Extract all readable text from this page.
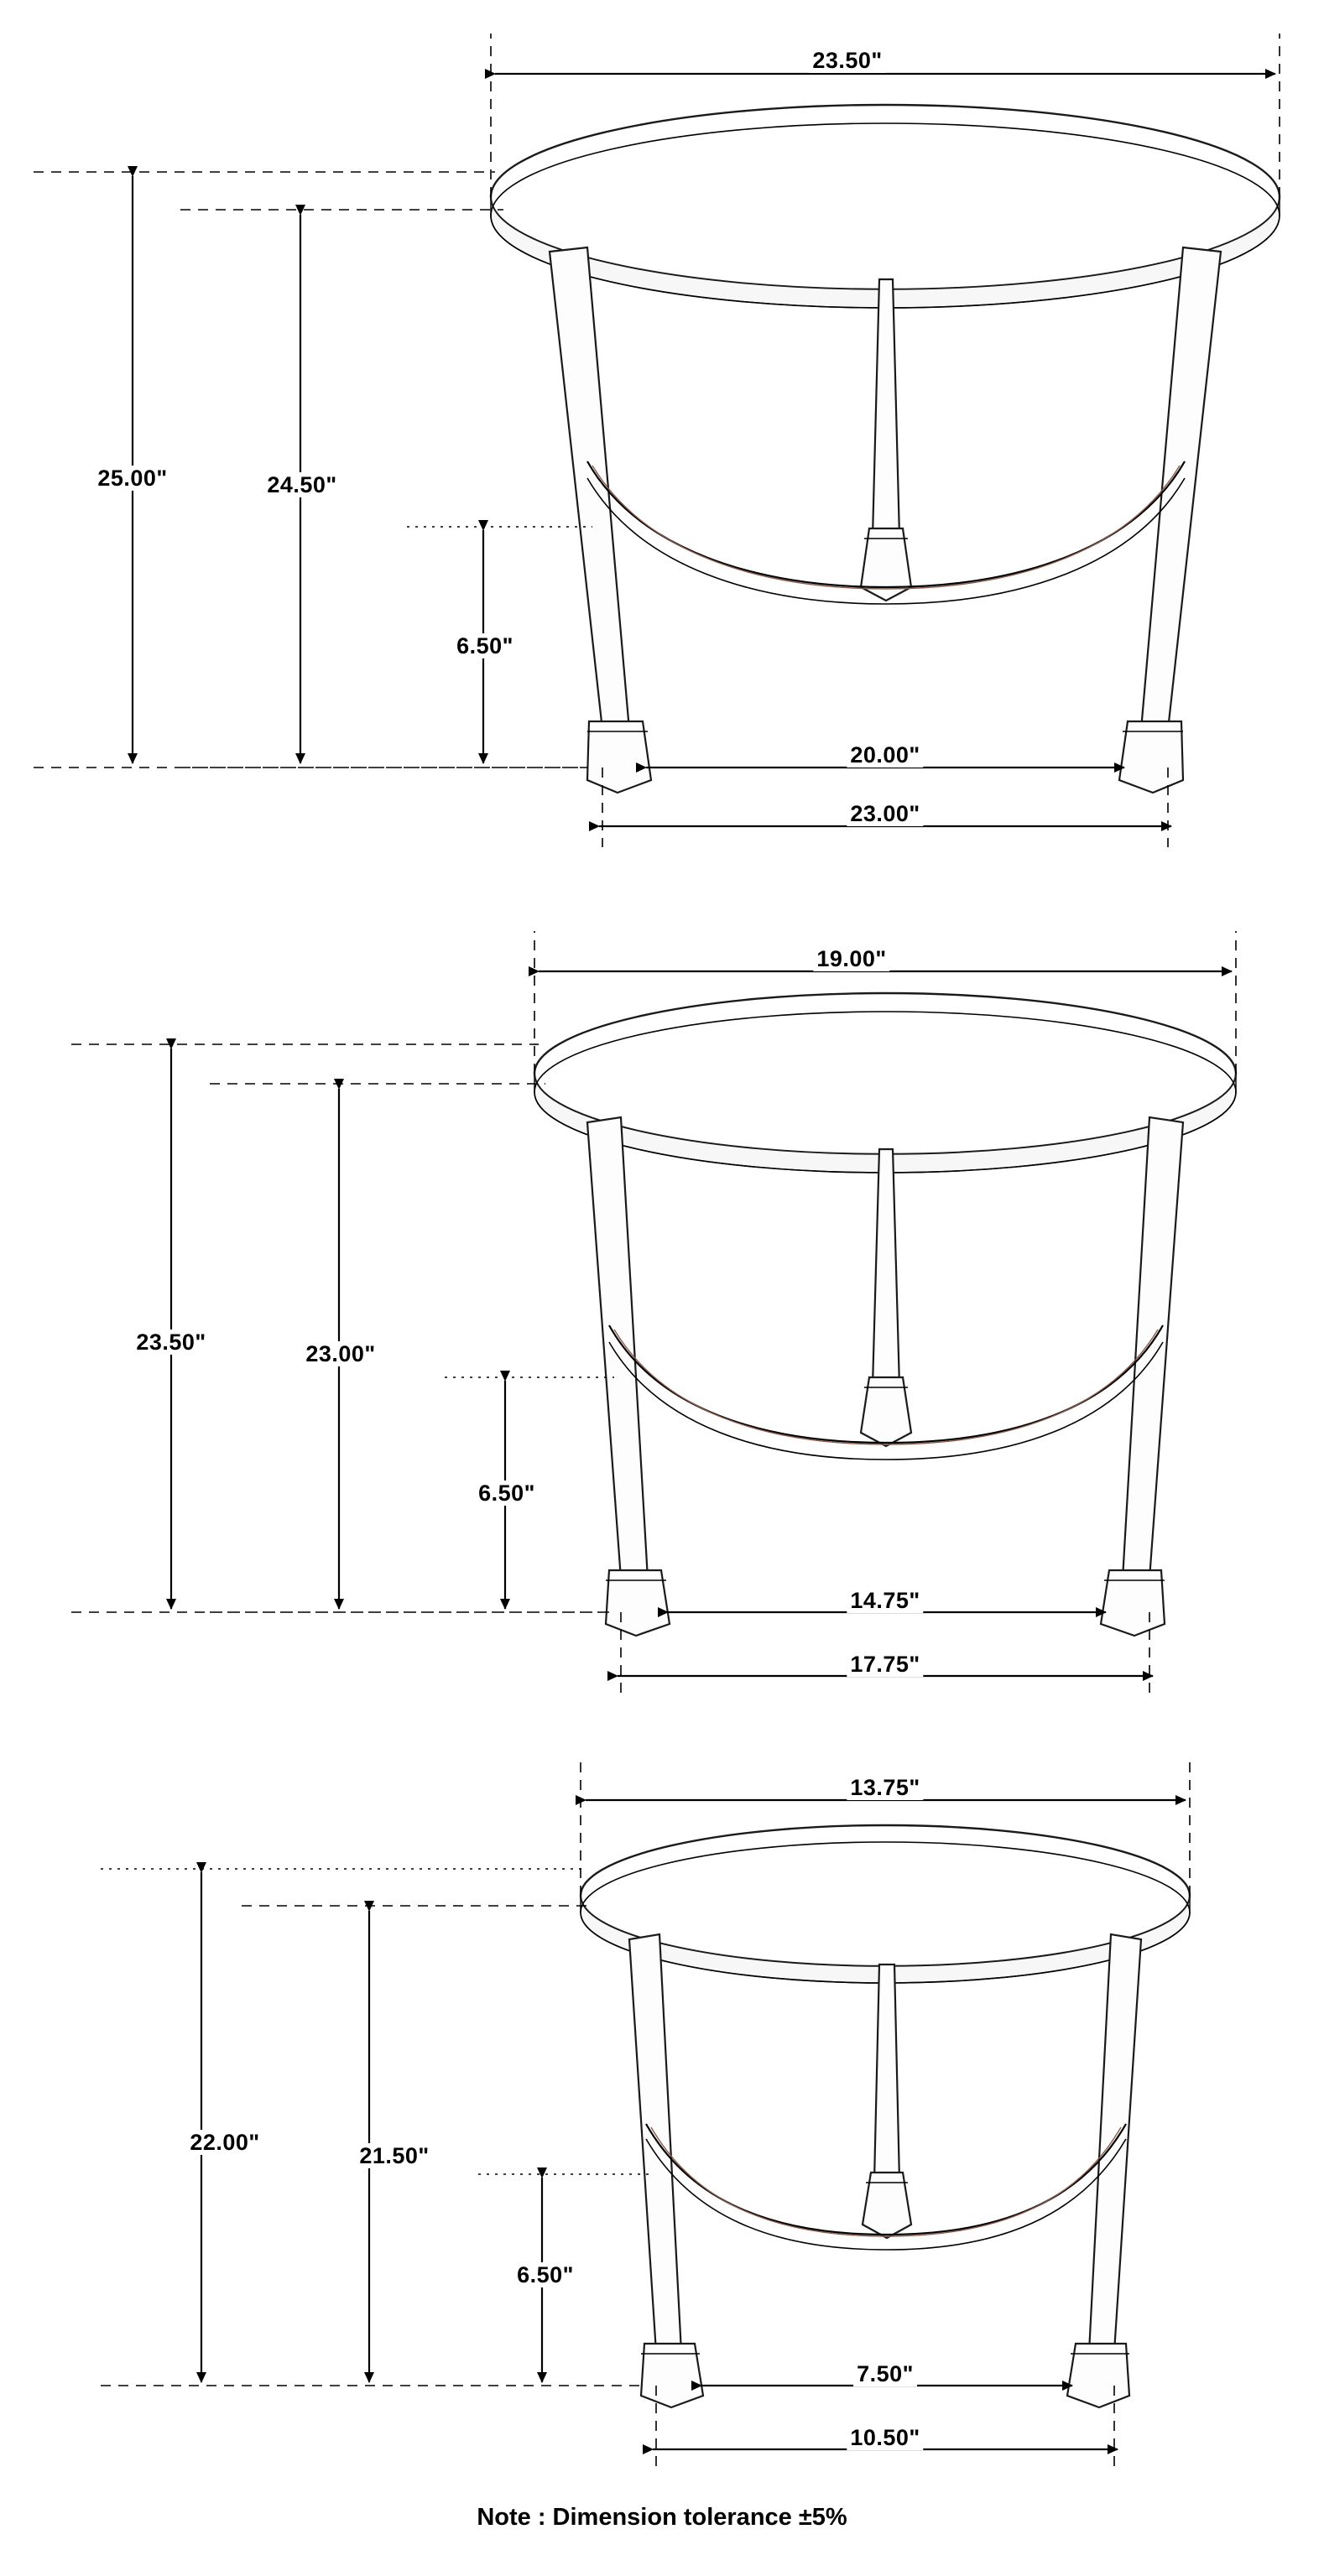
23.50"
25.00"	24.50"
6.50"
20.00"
23.00"
19.00"
23.50"	23.00"
6.50"
14.75"
17.75"
13.75"
22.00"
21.50"
6.50"
7.50"
10.50"
Note : Dimension tolerance ±5%
